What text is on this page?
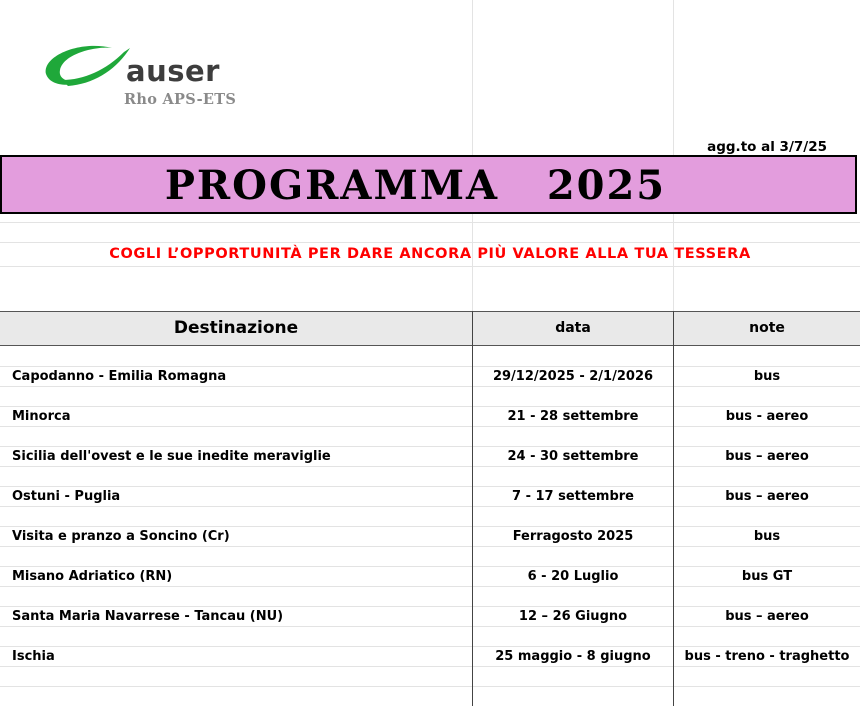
auser
Rho APS-ETS
agg.to al 3/7/25
PROGRAMMA   2025
COGLI L’OPPORTUNITÀ PER DARE ANCORA PIÙ VALORE ALLA TUA TESSERA
Destinazione	data	note
Capodanno - Emilia Romagna	29/12/2025 - 2/1/2026	bus
Minorca	21 - 28 settembre	bus - aereo
Sicilia dell'ovest e le sue inedite meraviglie	24 - 30 settembre	bus – aereo
Ostuni - Puglia	7 - 17 settembre	bus – aereo
Visita e pranzo a Soncino (Cr)	Ferragosto 2025	bus
Misano Adriatico (RN)	6 - 20 Luglio	bus GT
Santa Maria Navarrese - Tancau (NU)	12 – 26 Giugno	bus – aereo
Ischia	25 maggio - 8 giugno	bus - treno - traghetto
